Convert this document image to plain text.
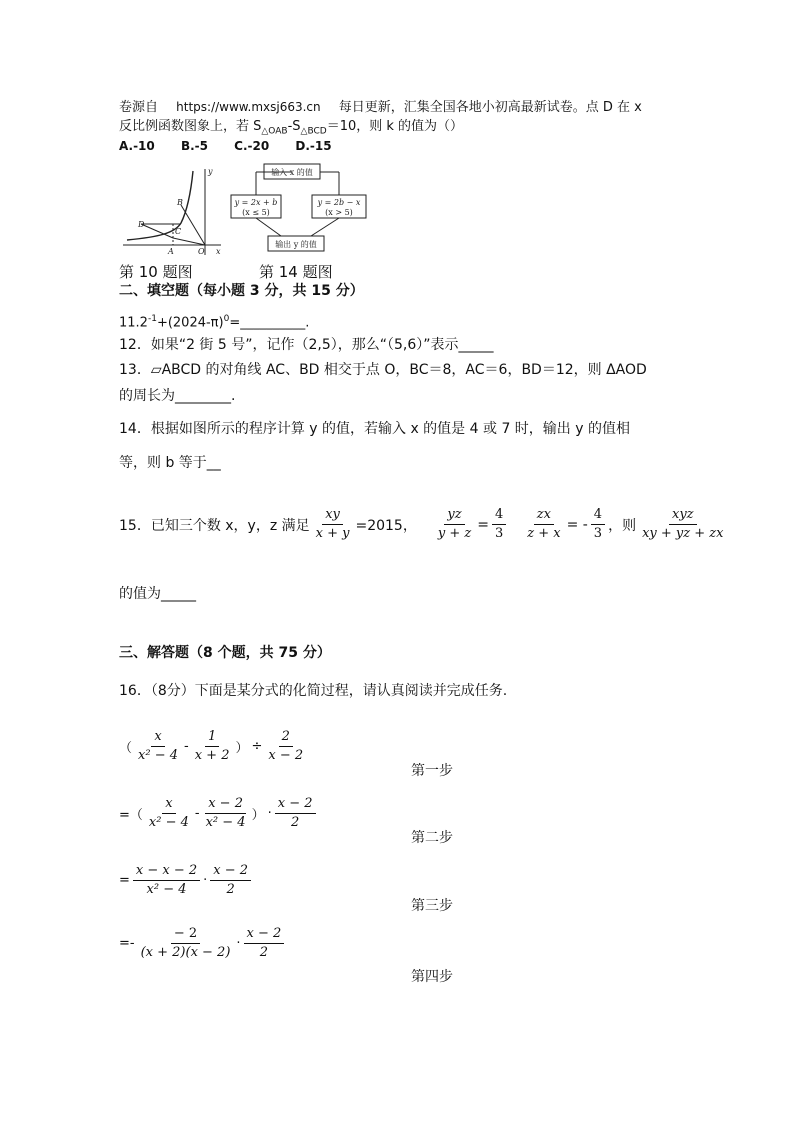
卷源自 https://www.mxsj663.cn 每日更新，汇集全国各地小初高最新试卷。点 D 在 x
反比例函数图象上，若 $S_{\triangle OAB}-S_{\triangle BCD}=10$，则 k 的值为（）
A.-10 B.-5 C.-20 D.-15
y
B
D
C
A	O x
输入 x 的值
y = 2x + b
(x ≤ 5)
y = 2b − x
(x > 5)
输出 y 的值
第 10 题图	第 14 题图
二、填空题（每小题 3 分，共 15 分）
$11.2^{-1}+(2024-\pi)^0=\_\_\_\_\_\_\_\_\_\_$.
12．如果“2 街 5 号”，记作（2,5），那么“（5,6）”表示_____
13．▱ABCD 的对角线 AC、BD 相交于点 O，BC＝8，AC＝6，BD＝12，则 ΔAOD
的周长为________.
14．根据如图所示的程序计算 y 的值，若输入 x 的值是 4 或 7 时，输出 y 的值相
等，则 b 等于__
15．已知三个数 x，y，z 满足 $\frac{xy}{x + y} =2015$， $\frac{yz}{y + z} = \frac{4}{3} \frac{zx}{z + x}$ = - $\frac{4}{3}$ ，则 $\frac{\text{xyz}}{xy + yz + zx}$
的值为_____
三、解答题（8 个题，共 75 分）
16．（8分）下面是某分式的化简过程，请认真阅读并完成任务.
（ $\frac{x}{\text{x² − 4}} - \frac{1}{x + 2}$ ） ÷ $\frac{2}{x - 2}$
第一步
=（ $\frac{x}{\text{x² − 4}} - \frac{x - 2}{\text{x² − 4}}$ ） · $\frac{x - 2}{2}$
第二步
= $\frac{x - x - 2}{\text{x² − 4}} \cdot \frac{x - 2}{2}$
第三步
=- $\frac{- 2}{(x + 2)(x - 2)} \cdot \frac{x - 2}{2}$
第四步
